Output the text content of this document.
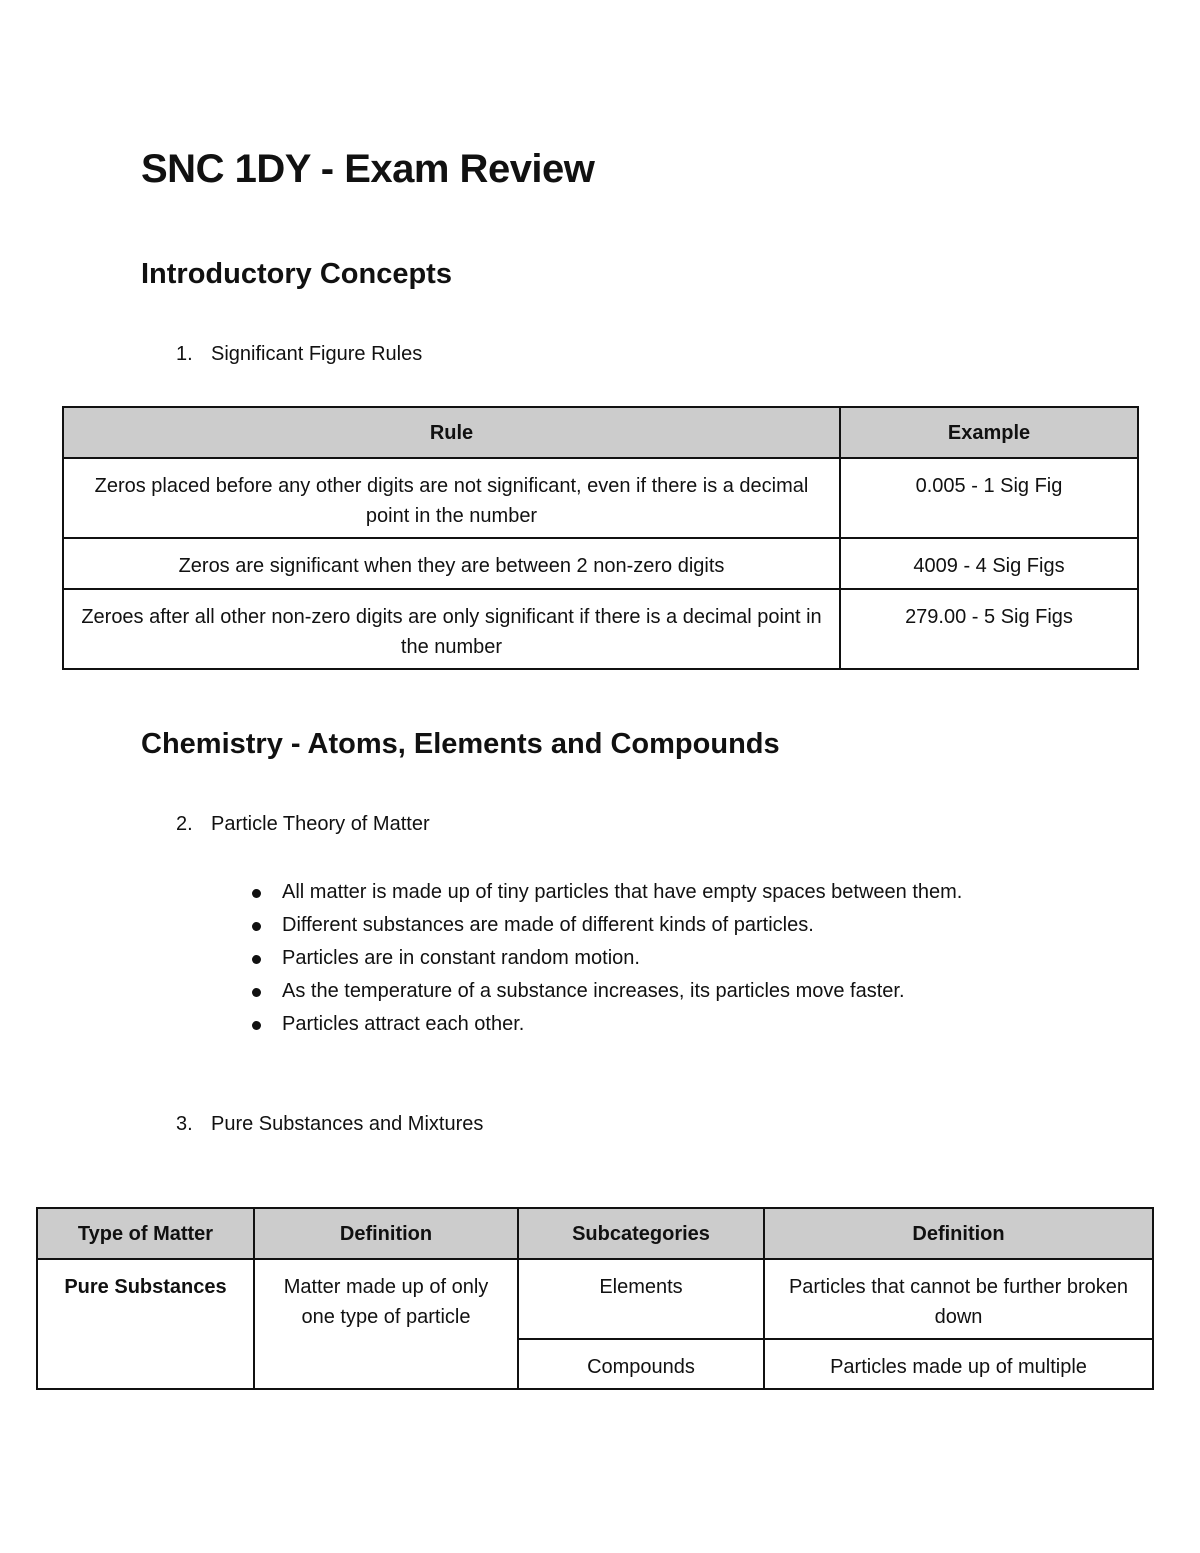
SNC 1DY - Exam Review
Introductory Concepts
1. Significant Figure Rules
Rule	Example
Zeros placed before any other digits are not significant, even if there is a decimal point in the number	0.005 - 1 Sig Fig
Zeros are significant when they are between 2 non-zero digits	4009 - 4 Sig Figs
Zeroes after all other non-zero digits are only significant if there is a decimal point in the number	279.00 - 5 Sig Figs
Chemistry - Atoms, Elements and Compounds
2. Particle Theory of Matter
All matter is made up of tiny particles that have empty spaces between them.
Different substances are made of different kinds of particles.
Particles are in constant random motion.
As the temperature of a substance increases, its particles move faster.
Particles attract each other.
3. Pure Substances and Mixtures
Type of Matter	Definition	Subcategories	Definition
Pure Substances	Matter made up of only one type of particle	Elements	Particles that cannot be further broken down
		Compounds	Particles made up of multiple
